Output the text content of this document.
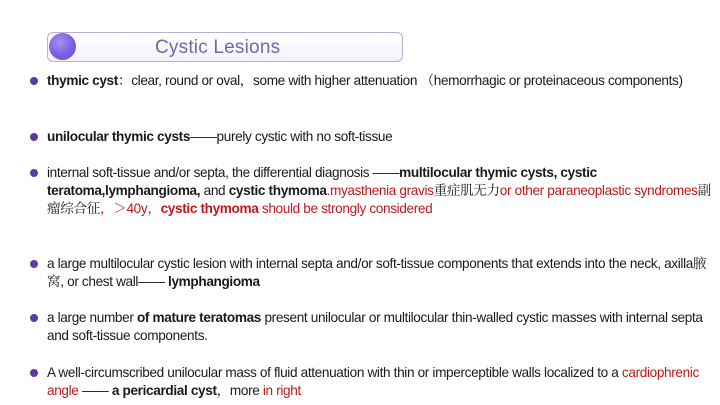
Cystic Lesions
thymic cyst：clear, round or oval，some with higher attenuation （hemorrhagic or proteinaceous components)
unilocular thymic cysts——purely cystic with no soft-tissue
internal soft-tissue and/or septa, the differential diagnosis ——multilocular thymic cysts, cystic teratoma,lymphangioma, and cystic thymoma.myasthenia gravis重症肌无力or other paraneoplastic syndromes副瘤综合征，＞40y，cystic thymoma should be strongly considered
a large multilocular cystic lesion with internal septa and/or soft-tissue components that extends into the neck, axilla腋窝, or chest wall—— lymphangioma
a large number of mature teratomas present unilocular or multilocular thin-walled cystic masses with internal septa and soft-tissue components.
A well-circumscribed unilocular mass of fluid attenuation with thin or imperceptible walls localized to a cardiophrenic angle —— a pericardial cyst，more in right
